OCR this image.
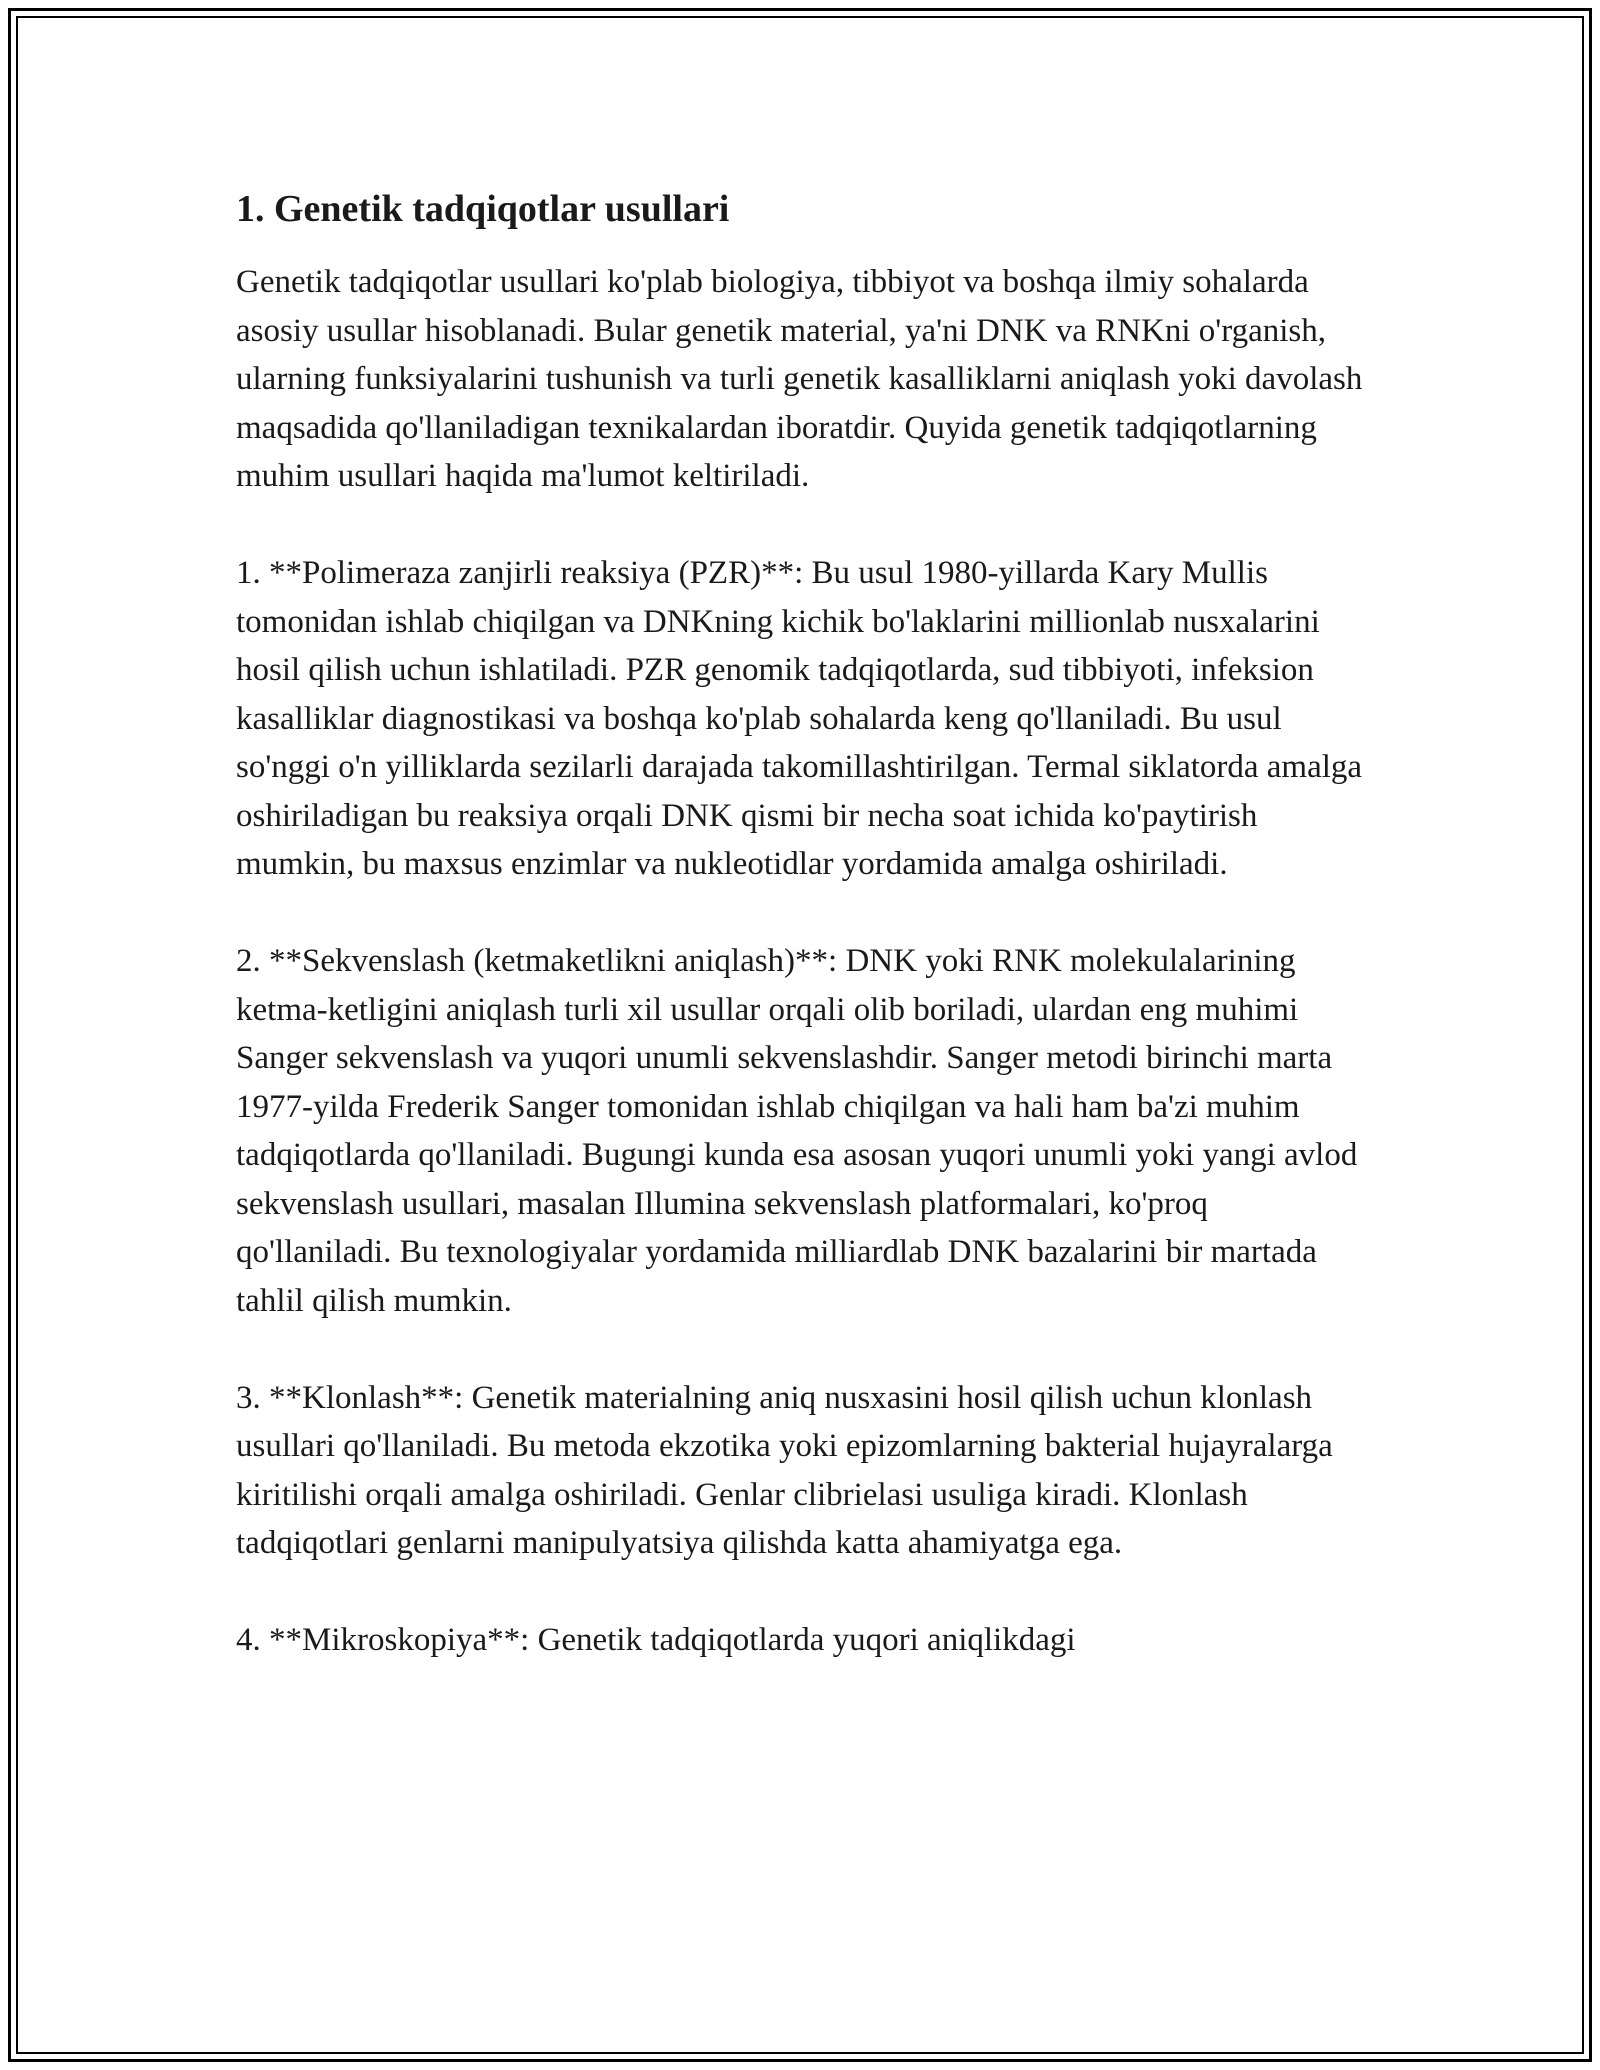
1. Genetik tadqiqotlar usullari

Genetik tadqiqotlar usullari ko'plab biologiya, tibbiyot va boshqa ilmiy sohalarda asosiy usullar hisoblanadi. Bular genetik material, ya'ni DNK va RNKni o'rganish, ularning funksiyalarini tushunish va turli genetik kasalliklarni aniqlash yoki davolash maqsadida qo'llaniladigan texnikalardan iboratdir. Quyida genetik tadqiqotlarning muhim usullari haqida ma'lumot keltiriladi.

1. **Polimeraza zanjirli reaksiya (PZR)**: Bu usul 1980-yillarda Kary Mullis tomonidan ishlab chiqilgan va DNKning kichik bo'laklarini millionlab nusxalarini hosil qilish uchun ishlatiladi. PZR genomik tadqiqotlarda, sud tibbiyoti, infeksion kasalliklar diagnostikasi va boshqa ko'plab sohalarda keng qo'llaniladi. Bu usul so'nggi o'n yilliklarda sezilarli darajada takomillashtirilgan. Termal siklatorda amalga oshiriladigan bu reaksiya orqali DNK qismi bir necha soat ichida ko'paytirish mumkin, bu maxsus enzimlar va nukleotidlar yordamida amalga oshiriladi.

2. **Sekvenslash (ketmaketlikni aniqlash)**: DNK yoki RNK molekulalarining ketma-ketligini aniqlash turli xil usullar orqali olib boriladi, ulardan eng muhimi Sanger sekvenslash va yuqori unumli sekvenslashdir. Sanger metodi birinchi marta 1977-yilda Frederik Sanger tomonidan ishlab chiqilgan va hali ham ba'zi muhim tadqiqotlarda qo'llaniladi. Bugungi kunda esa asosan yuqori unumli yoki yangi avlod sekvenslash usullari, masalan Illumina sekvenslash platformalari, ko'proq qo'llaniladi. Bu texnologiyalar yordamida milliardlab DNK bazalarini bir martada tahlil qilish mumkin.

3. **Klonlash**: Genetik materialning aniq nusxasini hosil qilish uchun klonlash usullari qo'llaniladi. Bu metoda ekzotika yoki epizomlarning bakterial hujayralarga kiritilishi orqali amalga oshiriladi. Genlar clibrielasi usuliga kiradi. Klonlash tadqiqotlari genlarni manipulyatsiya qilishda katta ahamiyatga ega.

4. **Mikroskopiya**: Genetik tadqiqotlarda yuqori aniqlikdagi
